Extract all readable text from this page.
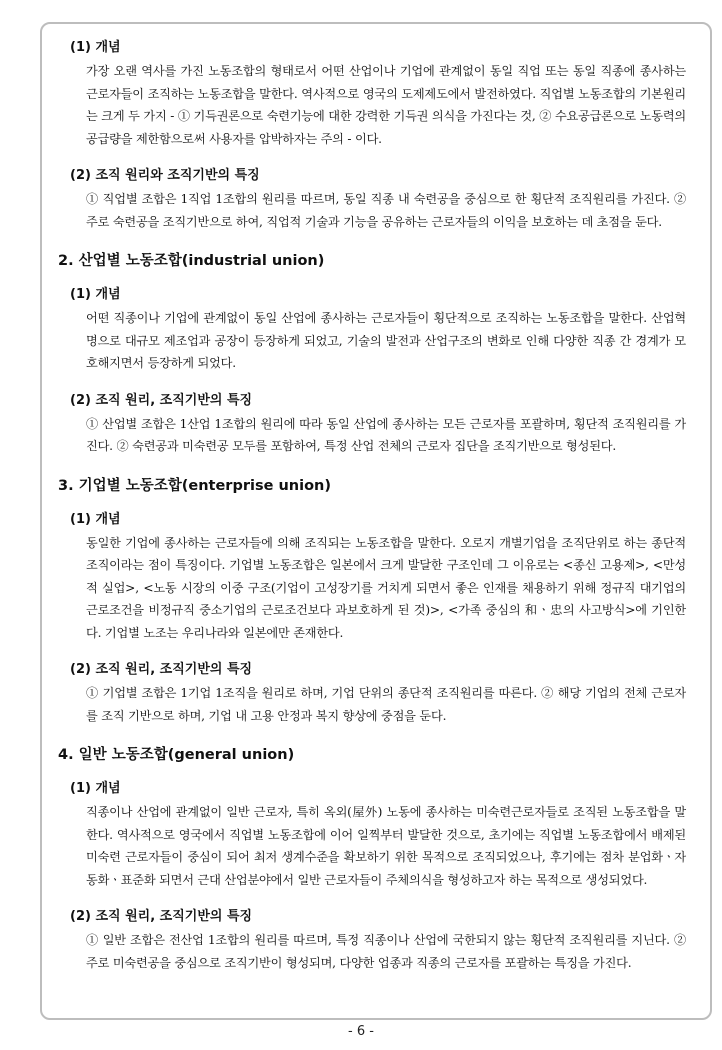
(1) 개념
가장 오랜 역사를 가진 노동조합의 형태로서 어떤 산업이나 기업에 관계없이 동일 직업 또는 동일 직종에 종사하는 근로자들이 조직하는 노동조합을 말한다. 역사적으로 영국의 도제제도에서 발전하였다. 직업별 노동조합의 기본원리는 크게 두 가지 - ① 기득권론으로 숙련기능에 대한 강력한 기득권 의식을 가진다는 것, ② 수요공급론으로 노동력의 공급량을 제한함으로써 사용자를 압박하자는 주의 - 이다.
(2) 조직 원리와 조직기반의 특징
① 직업별 조합은 1직업 1조합의 원리를 따르며, 동일 직종 내 숙련공을 중심으로 한 횡단적 조직원리를 가진다. ② 주로 숙련공을 조직기반으로 하여, 직업적 기술과 기능을 공유하는 근로자들의 이익을 보호하는 데 초점을 둔다.
2. 산업별 노동조합(industrial union)
(1) 개념
어떤 직종이나 기업에 관계없이 동일 산업에 종사하는 근로자들이 횡단적으로 조직하는 노동조합을 말한다. 산업혁명으로 대규모 제조업과 공장이 등장하게 되었고, 기술의 발전과 산업구조의 변화로 인해 다양한 직종 간 경계가 모호해지면서 등장하게 되었다.
(2) 조직 원리, 조직기반의 특징
① 산업별 조합은 1산업 1조합의 원리에 따라 동일 산업에 종사하는 모든 근로자를 포괄하며, 횡단적 조직원리를 가진다. ② 숙련공과 미숙련공 모두를 포함하여, 특정 산업 전체의 근로자 집단을 조직기반으로 형성된다.
3. 기업별 노동조합(enterprise union)
(1) 개념
동일한 기업에 종사하는 근로자들에 의해 조직되는 노동조합을 말한다. 오로지 개별기업을 조직단위로 하는 종단적 조직이라는 점이 특징이다. 기업별 노동조합은 일본에서 크게 발달한 구조인데 그 이유로는 <종신 고용제>, <만성적 실업>, <노동 시장의 이중 구조(기업이 고성장기를 거치게 되면서 좋은 인재를 채용하기 위해 정규직 대기업의 근로조건을 비정규직 중소기업의 근로조건보다 과보호하게 된 것)>, <가족 중심의 和ㆍ忠의 사고방식>에 기인한다. 기업별 노조는 우리나라와 일본에만 존재한다.
(2) 조직 원리, 조직기반의 특징
① 기업별 조합은 1기업 1조직을 원리로 하며, 기업 단위의 종단적 조직원리를 따른다. ② 해당 기업의 전체 근로자를 조직 기반으로 하며, 기업 내 고용 안정과 복지 향상에 중점을 둔다.
4. 일반 노동조합(general union)
(1) 개념
직종이나 산업에 관계없이 일반 근로자, 특히 옥외(屋外) 노동에 종사하는 미숙련근로자들로 조직된 노동조합을 말한다. 역사적으로 영국에서 직업별 노동조합에 이어 일찍부터 발달한 것으로, 초기에는 직업별 노동조합에서 배제된 미숙련 근로자들이 중심이 되어 최저 생계수준을 확보하기 위한 목적으로 조직되었으나, 후기에는 점차 분업화ㆍ자동화ㆍ표준화 되면서 근대 산업분야에서 일반 근로자들이 주체의식을 형성하고자 하는 목적으로 생성되었다.
(2) 조직 원리, 조직기반의 특징
① 일반 조합은 전산업 1조합의 원리를 따르며, 특정 직종이나 산업에 국한되지 않는 횡단적 조직원리를 지닌다. ② 주로 미숙련공을 중심으로 조직기반이 형성되며, 다양한 업종과 직종의 근로자를 포괄하는 특징을 가진다.
- 6 -
